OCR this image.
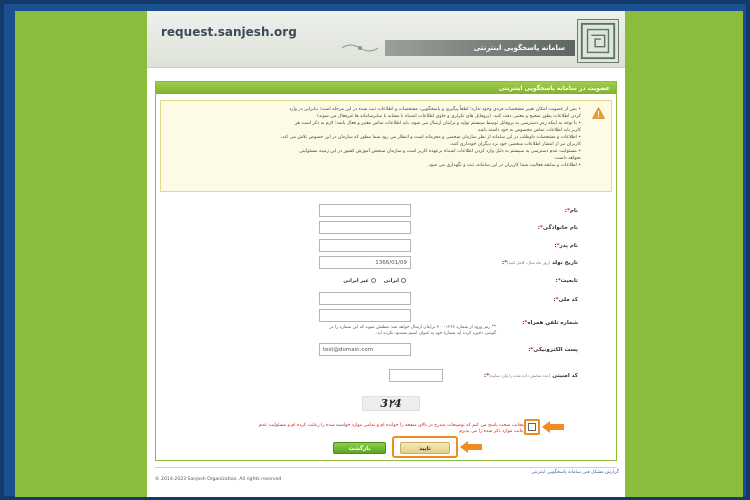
request.sanjesh.org
سامانه پاسخگویی اینترنتی
عضویت در سامانه پاسخگویی اینترنتی

• پس از عضویت امکان تغییر مشخصات فردی وجود ندارد؛ لطفاً پیگیری و پاسخگویی، مشخصات و اطلاعات ثبت شده در این مرحله است؛ بنابراین در وارد

کردن اطلاعات بطور صحیح و معتبر، دقت کنید. (پروفایل های تکراری و حاوی اطلاعات اشتباه با مشابه با سایرسامانه ها غیرفعال می شوند)

• با توجه به اینکه رمز دسترسی به پروفایل توسط سیستم تولید و برایتان ارسال می شود، باید اطلاعات تماس معتبر و فعال باشد؛ لازم به ذکر است هر

کاربر باید اطلاعات تماس مخصوص به خود داشته باشد.

• اطلاعات و مشخصات داوطلب در این سامانه از نظر سازمان شخصی و محرمانه است و انتظار می رود شما مطور که سازمان در این خصوص تلاش می کند،

کاربران نیز از انتشار اطلاعات شخصی خود نزد دیگران خودداری کنند.

• مسئولیت عدم دسترسی به سیستم به دلیل وارد کردن اطلاعات اشتباه برعهده کاربر است و سازمان سنجش آموزش کشور در این زمینه مسئولیتی

نخواهد داشت.

• اطلاعات و سابقه فعالیت شما کاربران در این سامانه، ثبت و نگهداری می شود.

نام*:
نام خانوادگی*:
نام پدر*:
تاریخ تولد (روز ماه سال، کامل کنید)*:
1366/01/09
تابعیت*:
ایرانی غیر ایرانی
کد ملی*:
شماره تلفن همراه*:
** رمز ورود از شماره ۳۰۰۰۱۲۶۶ برایتان ارسال خواهد شد؛ مطمئن شوید که این شماره را در گوشی ذخیره کرده اید شمارهٔ خود به عنوان اسپم مسدود نکرده اید.
پست الکترونیکی*:
test@domain.com
کد امنیتی (عدد نمایش داده شده را وارد نمایید)*:
3۲4
اینجانب صحت پاسخ می کنم که توضیحات مندرج در بالای صفحه را خوانده ام و تمامی موارد خواسته شده را رعایت کرده ام و مسئولیت عدم رعایت موارد ذکر شده را می پذیرم
بازگشت	تایید
© 2014-2023 Sanjesh Organization, All rights reserved
گزارش مشکل فنی سامانه پاسخگویی اینترنتی
